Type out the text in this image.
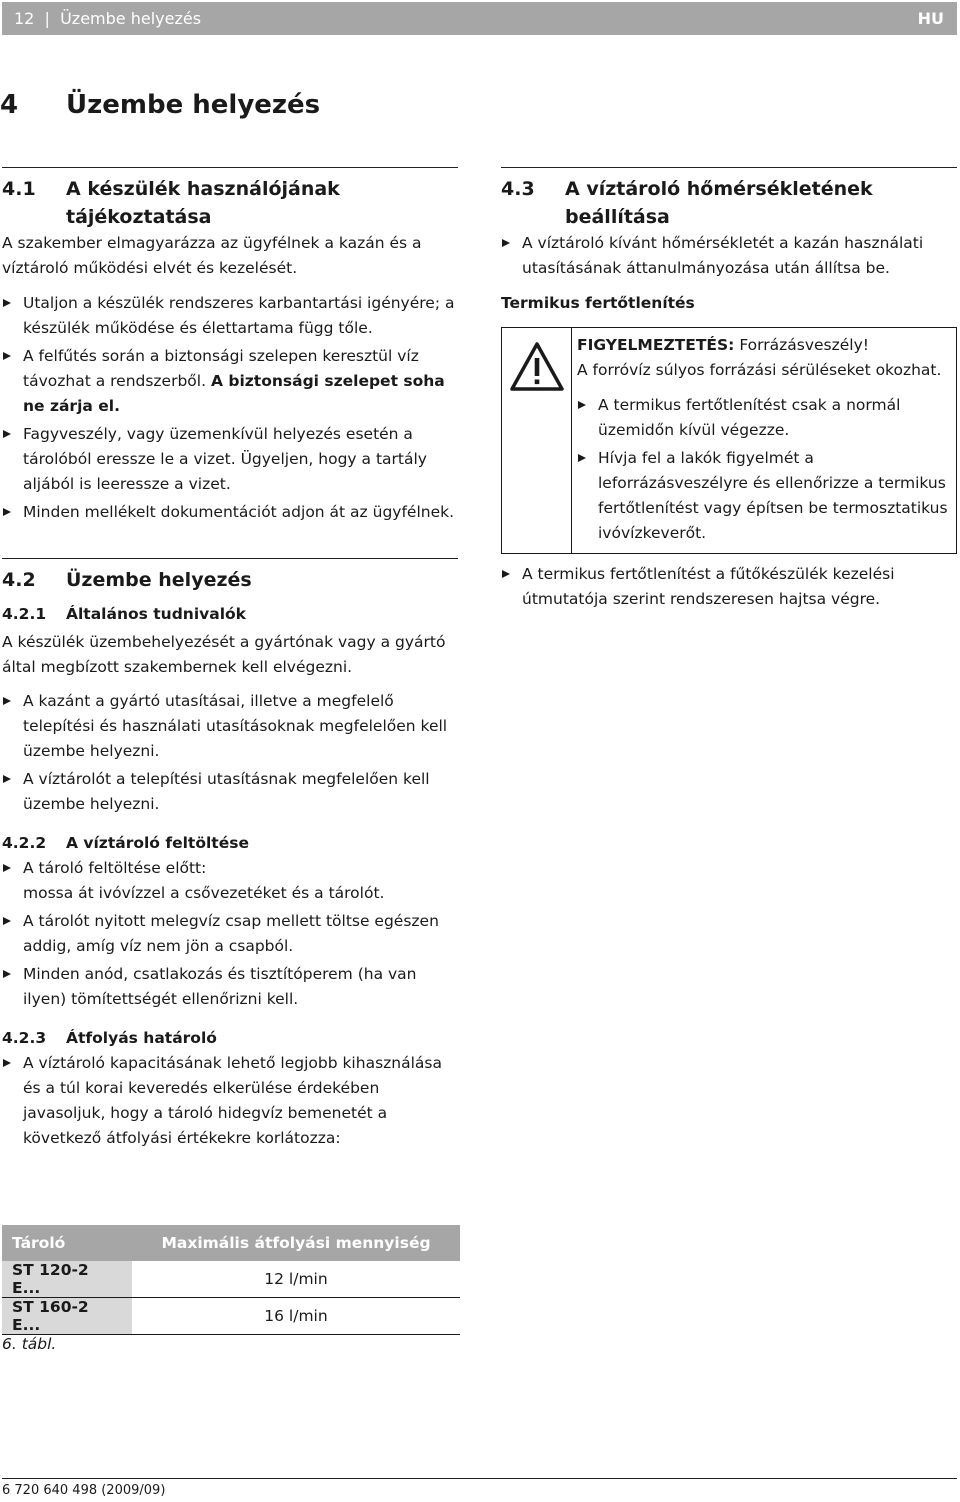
12  |  Üzembe helyezés	HU
4 Üzembe helyezés
4.1	A készülék használójának tájékoztatása

A szakember elmagyarázza az ügyfélnek a kazán és a víztároló működési elvét és kezelését.

Utaljon a készülék rendszeres karbantartási igényére; a készülék működése és élettartama függ tőle.
A felfűtés során a biztonsági szelepen keresztül víz távozhat a rendszerből. A biztonsági szelepet soha ne zárja el.
Fagyveszély, vagy üzemenkívül helyezés esetén a tárolóból eressze le a vizet. Ügyeljen, hogy a tartály aljából is leeressze a vizet.
Minden mellékelt dokumentációt adjon át az ügyfélnek.
4.2	Üzembe helyezés
4.2.1	Általános tudnivalók

A készülék üzembehelyezését a gyártónak vagy a gyártó által megbízott szakembernek kell elvégezni.

A kazánt a gyártó utasításai, illetve a megfelelő telepítési és használati utasításoknak megfelelően kell üzembe helyezni.
A víztárolót a telepítési utasításnak megfelelően kell üzembe helyezni.
4.2.2	A víztároló feltöltése
A tároló feltöltése előtt:
mossa át ivóvízzel a csővezetéket és a tárolót.
A tárolót nyitott melegvíz csap mellett töltse egészen addig, amíg víz nem jön a csapból.
Minden anód, csatlakozás és tisztítóperem (ha van ilyen) tömítettségét ellenőrizni kell.
4.2.3	Átfolyás határoló
A víztároló kapacitásának lehető legjobb kihasználása és a túl korai keveredés elkerülése érdekében javasoljuk, hogy a tároló hidegvíz bemenetét a következő átfolyási értékekre korlátozza:
Tároló	Maximális átfolyási mennyiség
ST 120-2 E...	12 l/min
ST 160-2 E...	16 l/min
6. tábl.
4.3	A víztároló hőmérsékletének beállítása
A víztároló kívánt hőmérsékletét a kazán használati utasításának áttanulmányozása után állítsa be.

Termikus fertőtlenítés

FIGYELMEZTETÉS: Forrázásveszély!

A forróvíz súlyos forrázási sérüléseket okozhat.

A termikus fertőtlenítést csak a normál üzemidőn kívül végezze.
Hívja fel a lakók figyelmét a leforrázásveszélyre és ellenőrizze a termikus fertőtlenítést vagy építsen be termosztatikus ivóvízkeverőt.
A termikus fertőtlenítést a fűtőkészülék kezelési útmutatója szerint rendszeresen hajtsa végre.
6 720 640 498 (2009/09)
